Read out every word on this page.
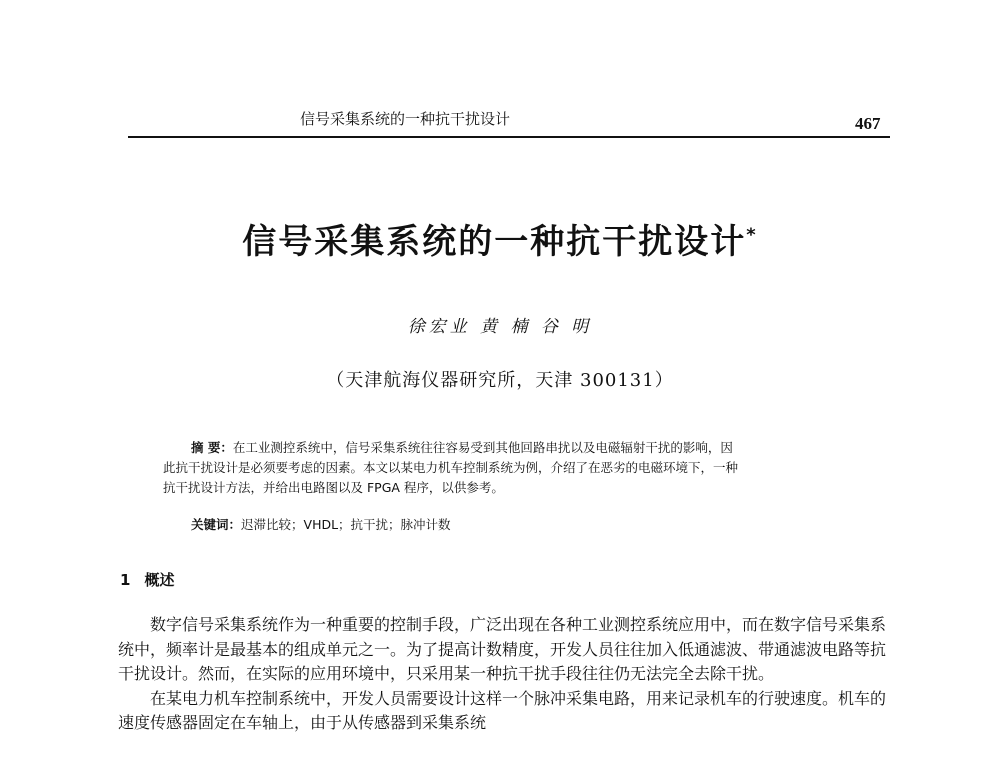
信号采集系统的一种抗干扰设计	467
信号采集系统的一种抗干扰设计*
徐宏业 黄 楠 谷 明
（天津航海仪器研究所，天津 300131）
摘 要：在工业测控系统中，信号采集系统往往容易受到其他回路串扰以及电磁辐射干扰的影响，因
此抗干扰设计是必须要考虑的因素。本文以某电力机车控制系统为例，介绍了在恶劣的电磁环境下，一种
抗干扰设计方法，并给出电路图以及 FPGA 程序，以供参考。
关键词：迟滞比较；VHDL；抗干扰；脉冲计数
1 概述

数字信号采集系统作为一种重要的控制手段，广泛出现在各种工业测控系统应用中，而在数字信号采集系统中，频率计是最基本的组成单元之一。为了提高计数精度，开发人员往往加入低通滤波、带通滤波电路等抗干扰设计。然而，在实际的应用环境中，只采用某一种抗干扰手段往往仍无法完全去除干扰。

在某电力机车控制系统中，开发人员需要设计这样一个脉冲采集电路，用来记录机车的行驶速度。机车的速度传感器固定在车轴上，由于从传感器到采集系统
